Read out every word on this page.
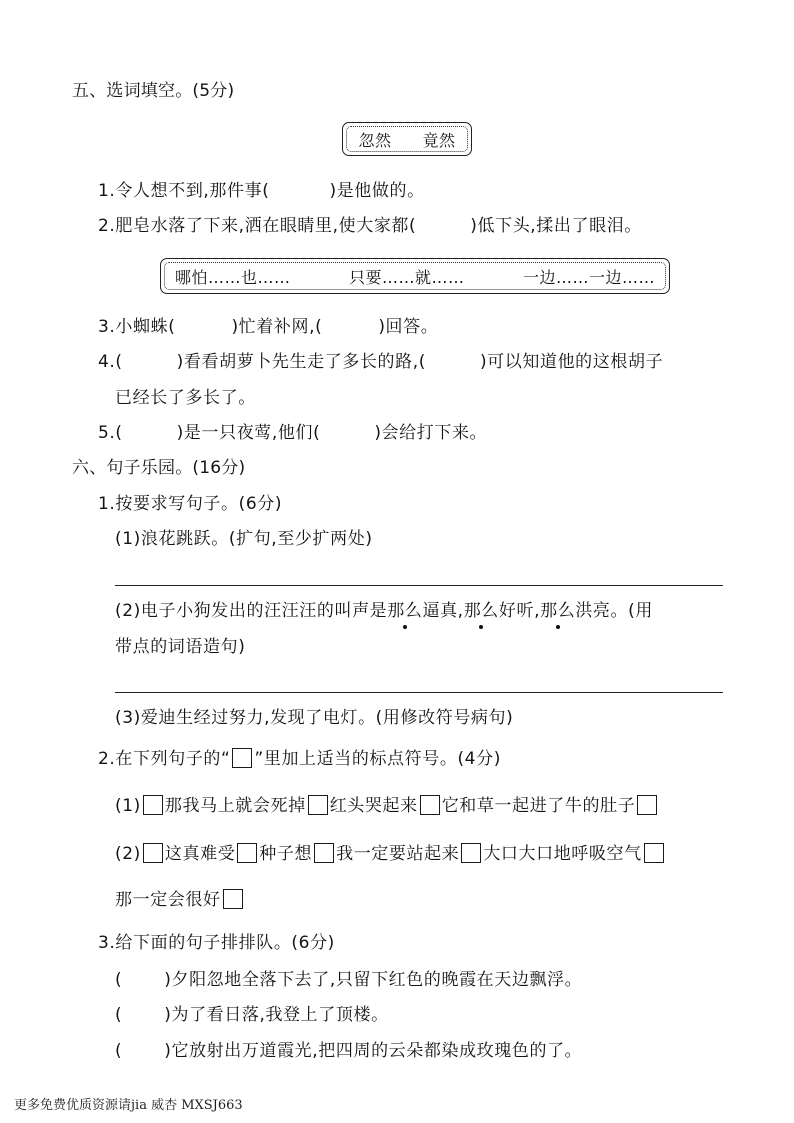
五、选词填空。(5分)
忽然 竟然
1.令人想不到,那件事(	)是他做的。
2.肥皂水落了下来,洒在眼睛里,使大家都(	)低下头,揉出了眼泪。
哪怕……也……	只要……就……	一边……一边……
3.小蜘蛛(	)忙着补网,(	)回答。
4.(	)看看胡萝卜先生走了多长的路,(	)可以知道他的这根胡子
已经长了多长了。
5.(	)是一只夜莺,他们(	)会给打下来。
六、句子乐园。(16分)
1.按要求写句子。(6分)
(1)浪花跳跃。(扩句,至少扩两处)
(2)电子小狗发出的汪汪汪的叫声是那么逼真,那么好听,那么洪亮。(用
带点的词语造句)
(3)爱迪生经过努力,发现了电灯。(用修改符号病句)
2.在下列句子的“ ”里加上适当的标点符号。(4分)
(1) 那我马上就会死掉 红头哭起来 它和草一起进了牛的肚子
(2) 这真难受 种子想 我一定要站起来 大口大口地呼吸空气
那一定会很好
3.给下面的句子排排队。(6分)
( )夕阳忽地全落下去了,只留下红色的晚霞在天边飘浮。
( )为了看日落,我登上了顶楼。
( )它放射出万道霞光,把四周的云朵都染成玫瑰色的了。
更多免费优质资源请jia 威杏 MXSJ663
